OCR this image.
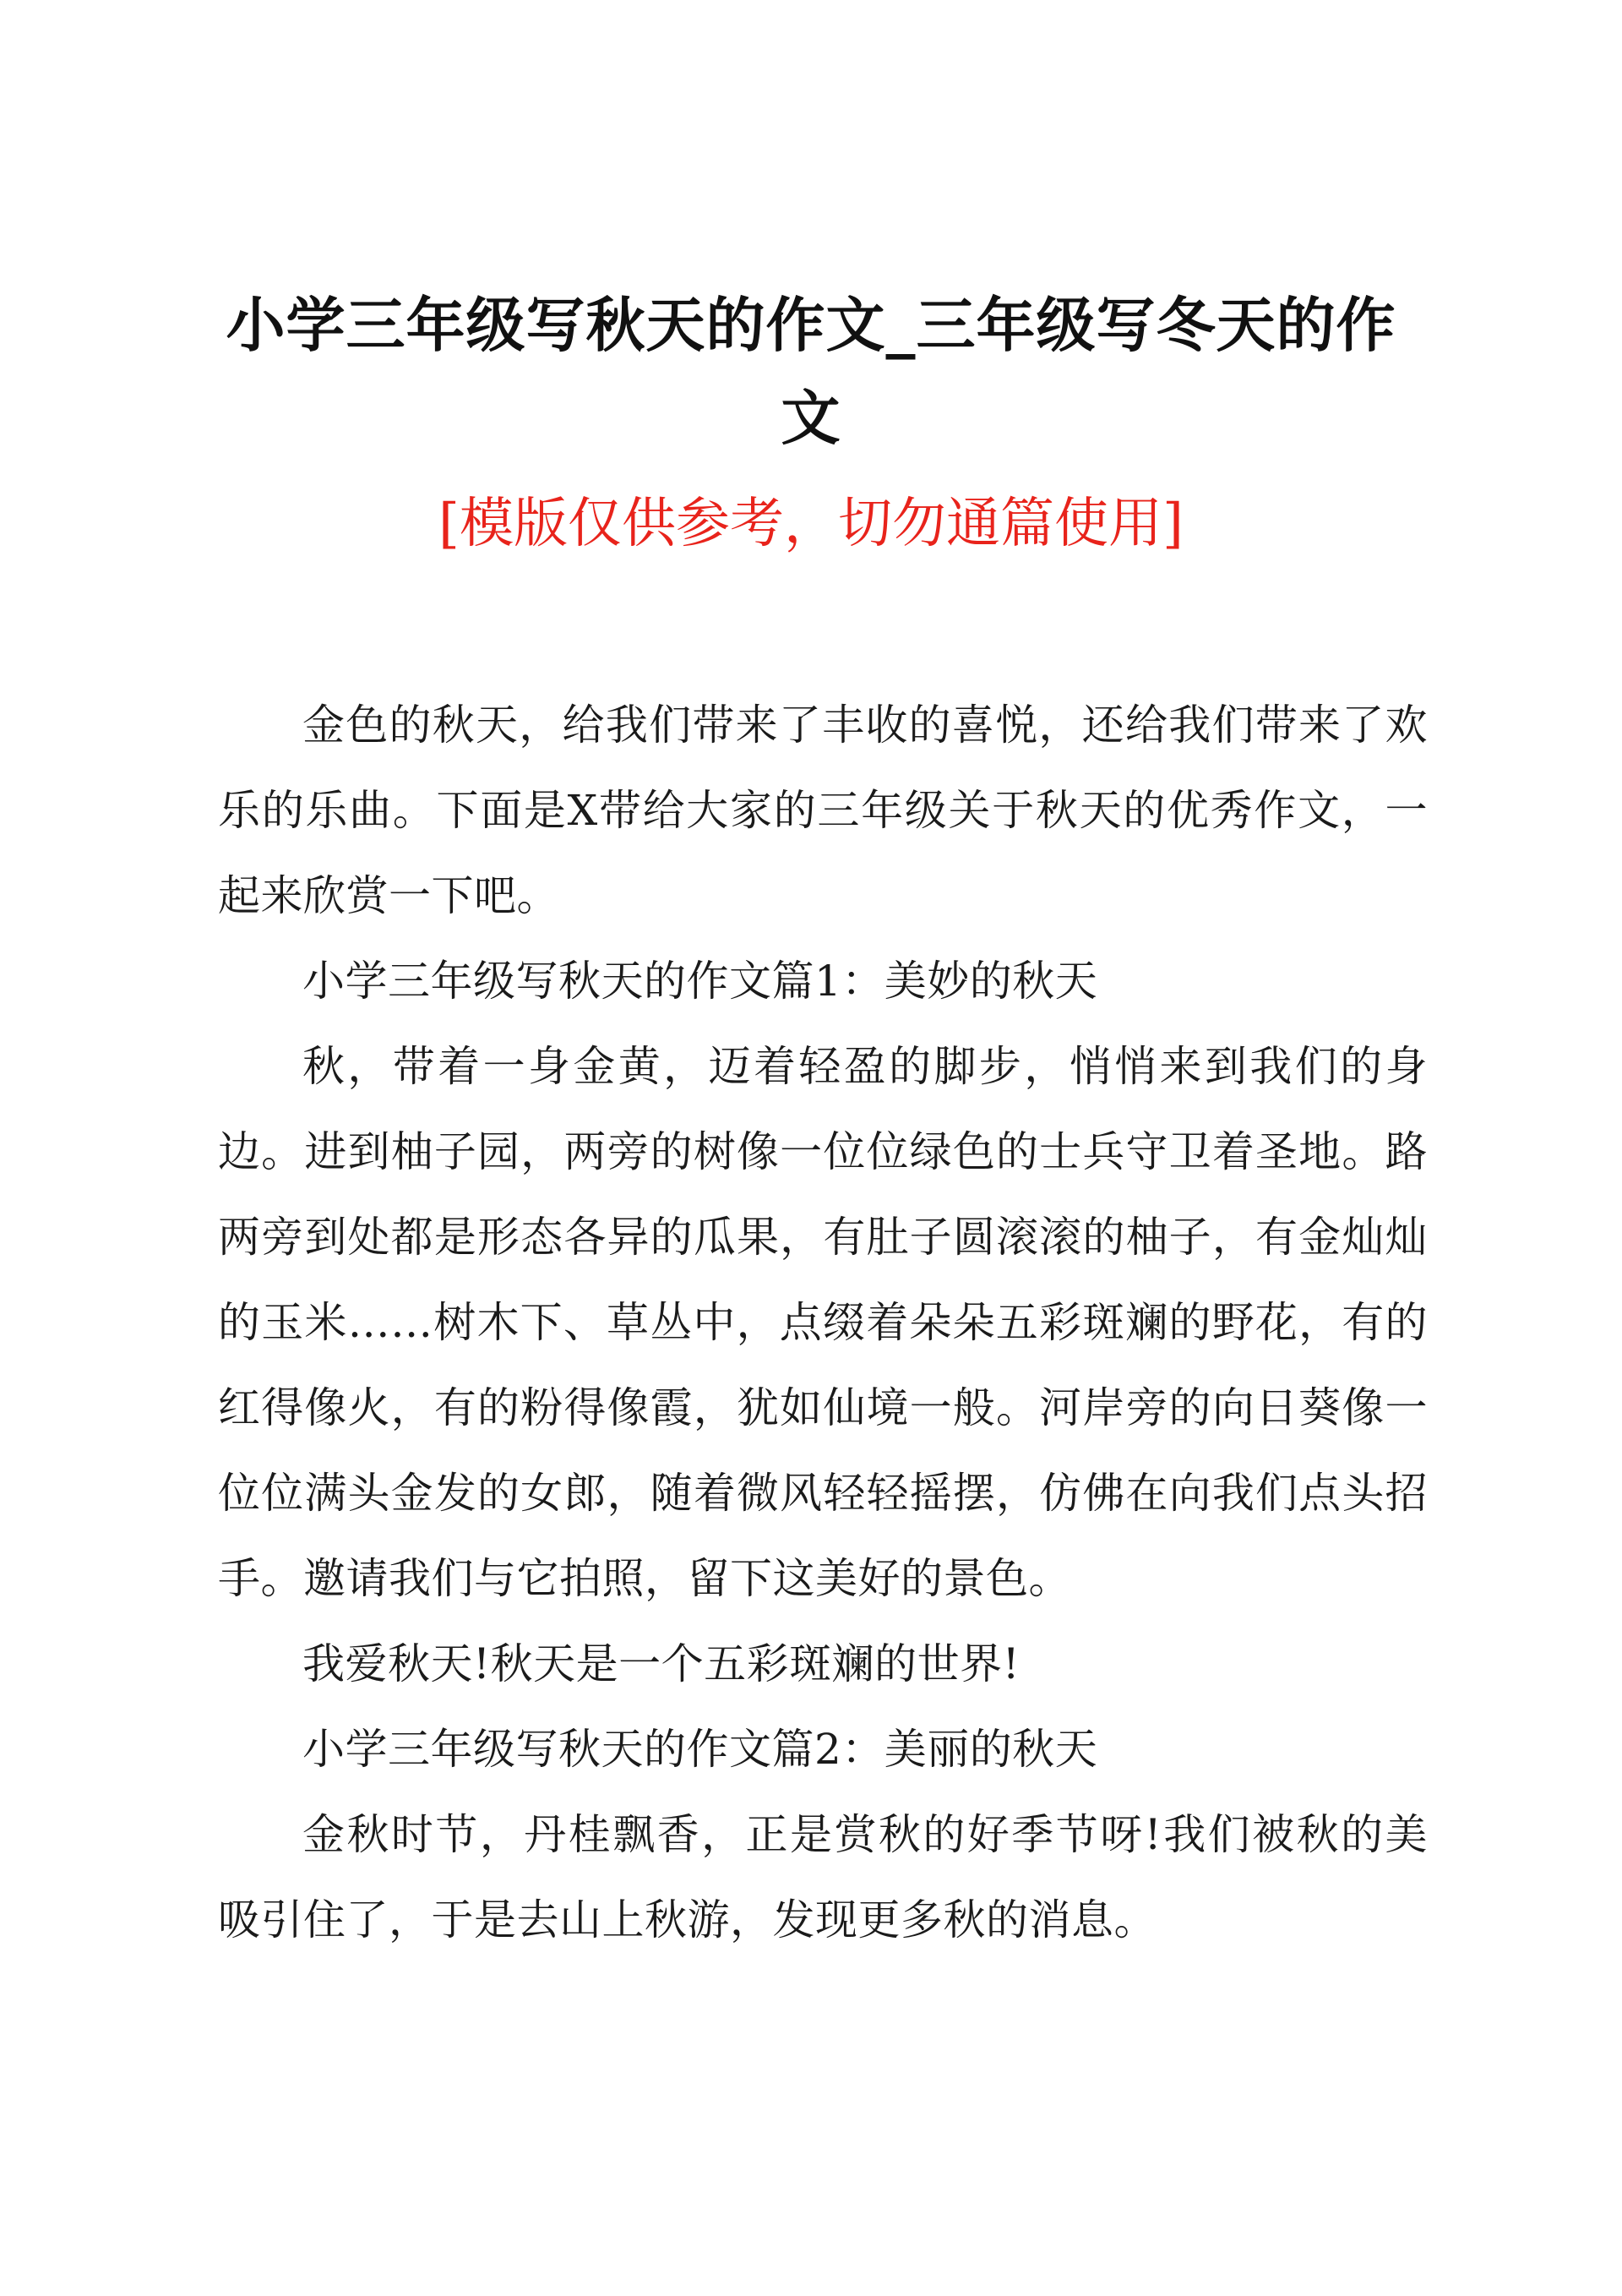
小学三年级写秋天的作文_三年级写冬天的作文

[模版仅供参考，切勿通篇使用]

金色的秋天，给我们带来了丰收的喜悦，还给我们带来了欢乐的乐曲。下面是X带给大家的三年级关于秋天的优秀作文，一起来欣赏一下吧。

小学三年级写秋天的作文篇1：美妙的秋天

秋，带着一身金黄，迈着轻盈的脚步，悄悄来到我们的身边。进到柚子园，两旁的树像一位位绿色的士兵守卫着圣地。路两旁到处都是形态各异的瓜果，有肚子圆滚滚的柚子，有金灿灿的玉米……树木下、草丛中，点缀着朵朵五彩斑斓的野花，有的红得像火，有的粉得像霞，犹如仙境一般。河岸旁的向日葵像一位位满头金发的女郎，随着微风轻轻摇摆，仿佛在向我们点头招手。邀请我们与它拍照，留下这美好的景色。

我爱秋天!秋天是一个五彩斑斓的世界!

小学三年级写秋天的作文篇2：美丽的秋天

金秋时节，丹桂飘香，正是赏秋的好季节呀!我们被秋的美吸引住了，于是去山上秋游，发现更多秋的消息。
